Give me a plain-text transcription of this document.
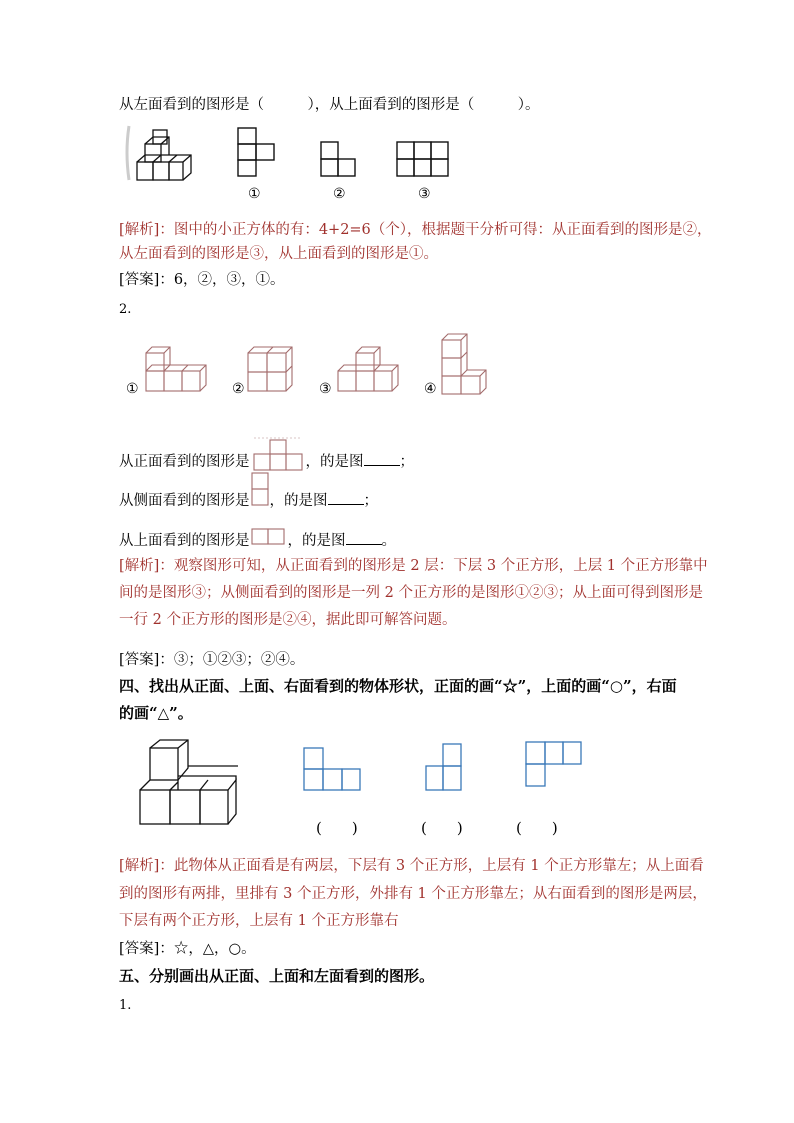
从左面看到的图形是（　　　），从上面看到的图形是（　　　）。
①	②	③
[解析]：图中的小正方体的有：4+2=6（个），根据题干分析可得：从正面看到的图形是②，
从左面看到的图形是③，从上面看到的图形是①。
[答案]：6，②，③，①。
2.
①	②	③	④
从正面看到的图形是	，的是图 ；
从侧面看到的图形是 ，的是图 ；
从上面看到的图形是	，的是图 。
[解析]：观察图形可知，从正面看到的图形是 2 层：下层 3 个正方形，上层 1 个正方形靠中
间的是图形③；从侧面看到的图形是一列 2 个正方形的是图形①②③；从上面可得到图形是
一行 2 个正方形的图形是②④，据此即可解答问题。
[答案]：③；①②③；②④。
四、找出从正面、上面、右面看到的物体形状，正面的画“☆”，上面的画“○”，右面
的画“△”。
(　　)	(　　)	(　　)
[解析]：此物体从正面看是有两层，下层有 3 个正方形，上层有 1 个正方形靠左；从上面看
到的图形有两排，里排有 3 个正方形，外排有 1 个正方形靠左；从右面看到的图形是两层，
下层有两个正方形，上层有 1 个正方形靠右
[答案]：☆，△，○。
五、分别画出从正面、上面和左面看到的图形。
1.
